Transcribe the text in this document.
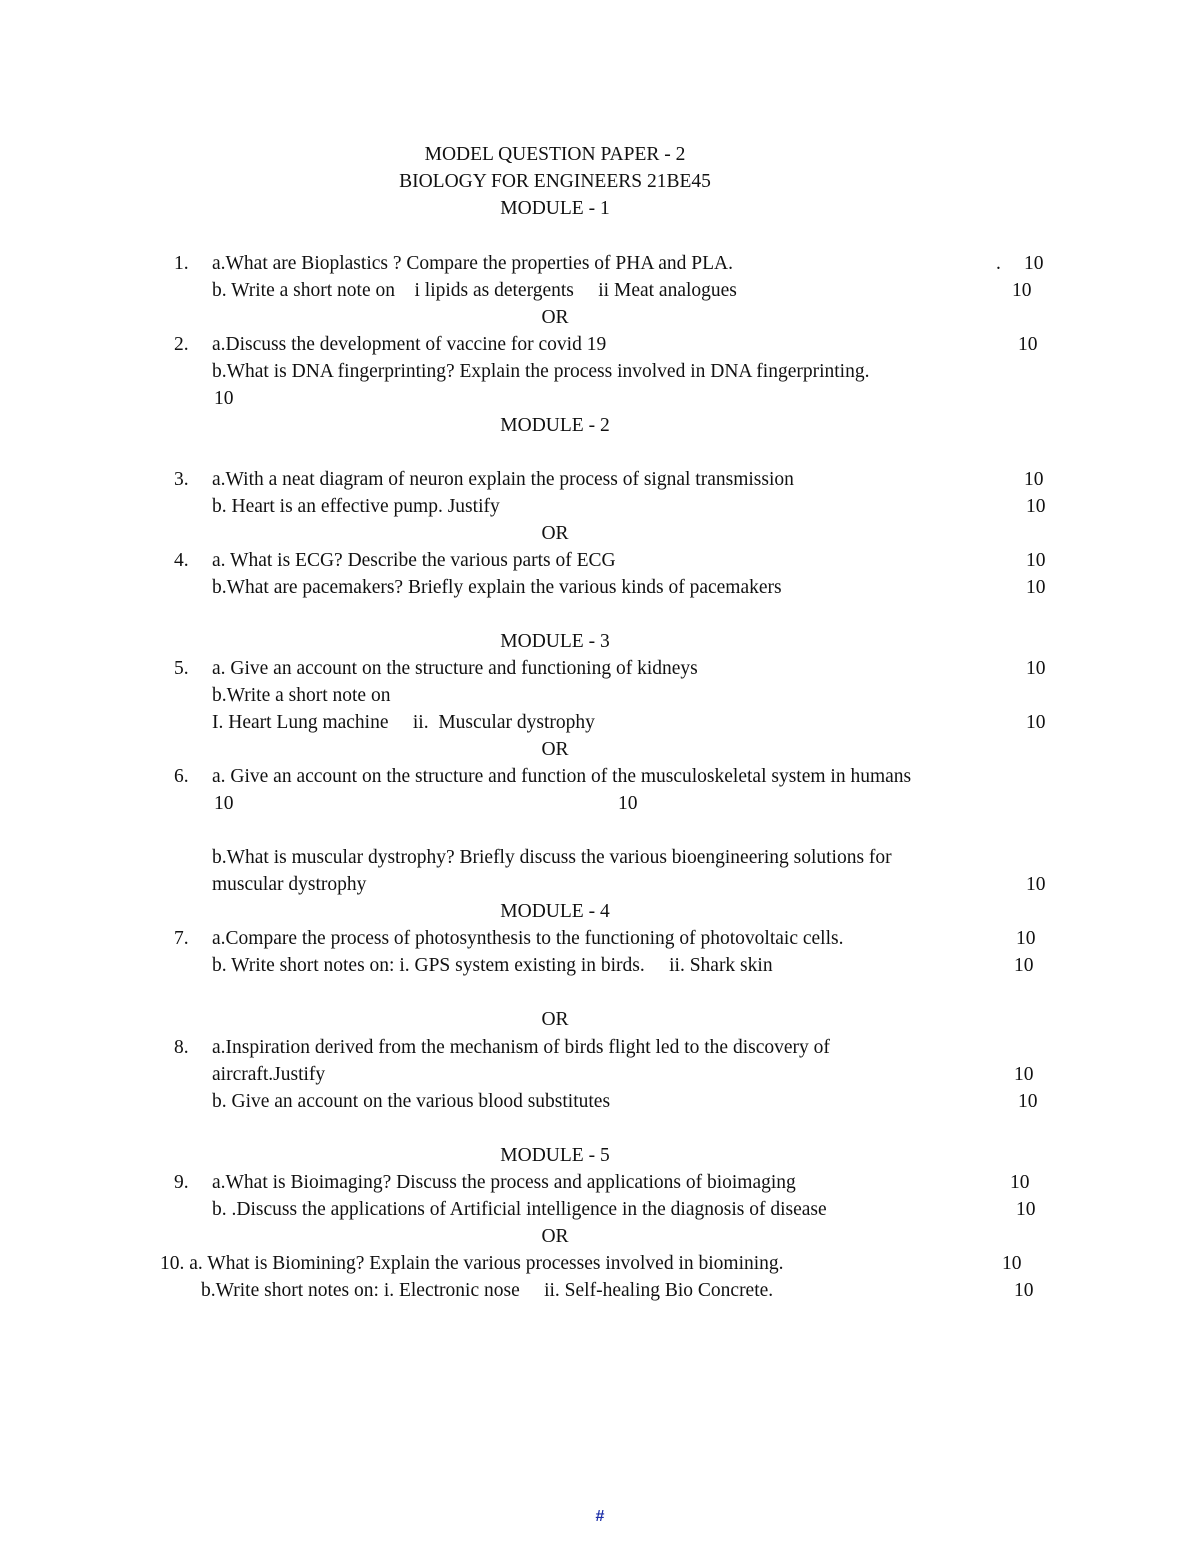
MODEL QUESTION PAPER - 2
BIOLOGY FOR ENGINEERS 21BE45
MODULE - 1
1. a.What are Bioplastics ? Compare the properties of PHA and PLA.	. 10
b. Write a short note on    i lipids as detergents     ii Meat analogues	10
OR
2. a.Discuss the development of vaccine for covid 19	10
b.What is DNA fingerprinting? Explain the process involved in DNA fingerprinting.
10
MODULE - 2
3. a.With a neat diagram of neuron explain the process of signal transmission	10
b. Heart is an effective pump. Justify	10
OR
4. a. What is ECG? Describe the various parts of ECG	10
b.What are pacemakers? Briefly explain the various kinds of pacemakers	10
MODULE - 3
5. a. Give an account on the structure and functioning of kidneys	10
b.Write a short note on
I. Heart Lung machine     ii.  Muscular dystrophy	10
OR
6. a. Give an account on the structure and function of the musculoskeletal system in humans
10	10
b.What is muscular dystrophy? Briefly discuss the various bioengineering solutions for
muscular dystrophy	10
MODULE - 4
7. a.Compare the process of photosynthesis to the functioning of photovoltaic cells.	10
b. Write short notes on: i. GPS system existing in birds.     ii. Shark skin	10
OR
8. a.Inspiration derived from the mechanism of birds flight led to the discovery of
aircraft.Justify	10
b. Give an account on the various blood substitutes	10
MODULE - 5
9. a.What is Bioimaging? Discuss the process and applications of bioimaging	10
b. .Discuss the applications of Artificial intelligence in the diagnosis of disease	10
OR
10. a. What is Biomining? Explain the various processes involved in biomining.	10
b.Write short notes on: i. Electronic nose     ii. Self-healing Bio Concrete.	10
#
